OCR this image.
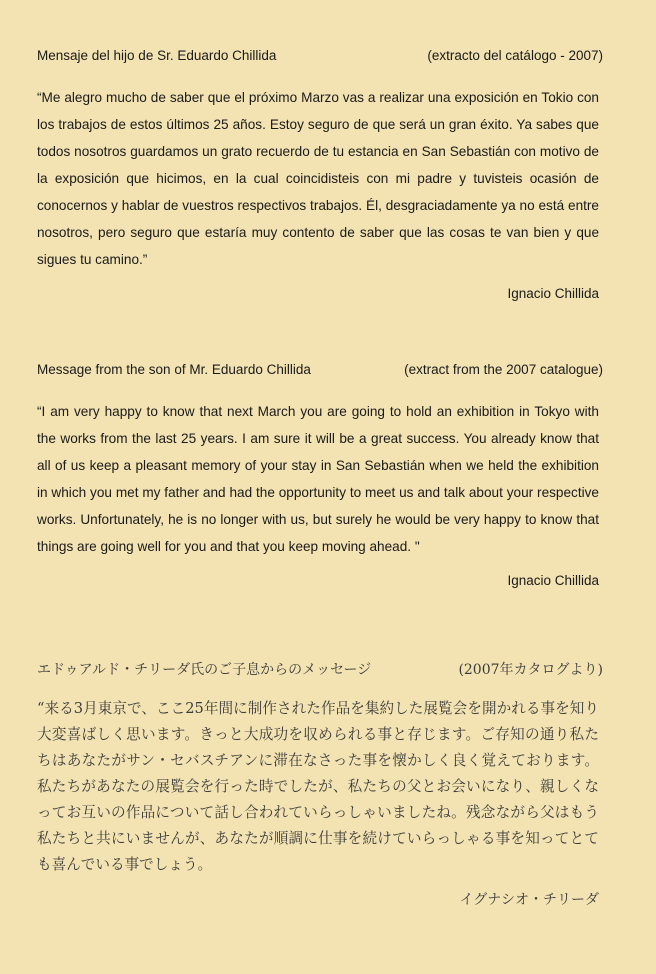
Mensaje del hijo de Sr. Eduardo Chillida	(extracto del catálogo - 2007)
“Me alegro mucho de saber que el próximo Marzo vas a realizar una exposición en Tokio con los trabajos de estos últimos 25 años. Estoy seguro de que será un gran éxito. Ya sabes que todos nosotros guardamos un grato recuerdo de tu estancia en San Sebastián con motivo de la exposición que hicimos, en la cual coincidisteis con mi padre y tuvisteis ocasión de conocernos y hablar de vuestros respectivos trabajos. Él, desgraciadamente ya no está entre nosotros, pero seguro que estaría muy contento de saber que las cosas te van bien y que sigues tu camino.”
Ignacio Chillida
Message from the son of Mr. Eduardo Chillida	(extract from the 2007 catalogue)
“I am very happy to know that next March you are going to hold an exhibition in Tokyo with the works from the last 25 years. I am sure it will be a great success. You already know that all of us keep a pleasant memory of your stay in San Sebastián when we held the exhibition in which you met my father and had the opportunity to meet us and talk about your respective works. Unfortunately, he is no longer with us, but surely he would be very happy to know that things are going well for you and that you keep moving ahead. "
Ignacio Chillida
エドゥアルド・チリーダ氏のご子息からのメッセージ	(2007年カタログより)
“来る3月東京で、ここ25年間に制作された作品を集約した展覧会を開かれる事を知り大変喜ばしく思います。きっと大成功を収められる事と存じます。ご存知の通り私たちはあなたがサン・セバスチアンに滞在なさった事を懐かしく良く覚えております。私たちがあなたの展覧会を行った時でしたが、私たちの父とお会いになり、親しくなってお互いの作品について話し合われていらっしゃいましたね。残念ながら父はもう私たちと共にいませんが、あなたが順調に仕事を続けていらっしゃる事を知ってとても喜んでいる事でしょう。
イグナシオ・チリーダ
